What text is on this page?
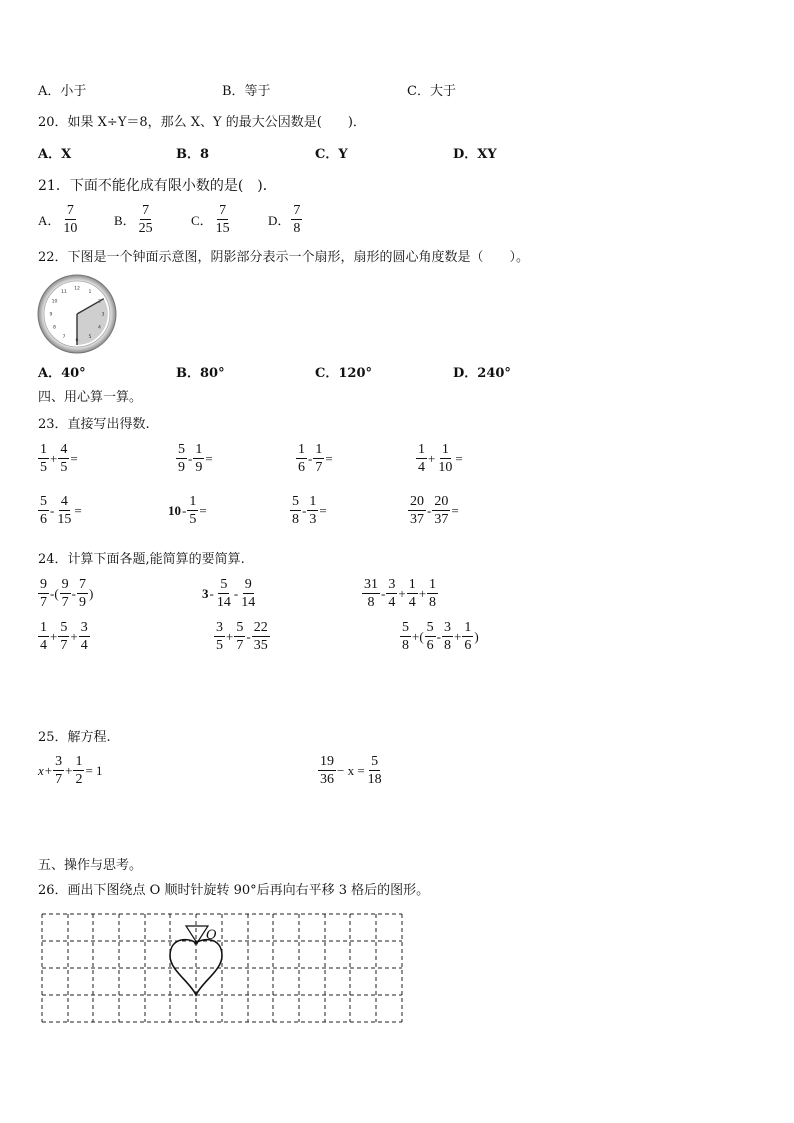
A．小于	B．等于	C．大于
20．如果 X÷Y＝8，那么 X、Y 的最大公因数是(　　)．
A．X	B．8	C．Y	D．XY
21．下面不能化成有限小数的是(　)．
A． $\frac{7}{10}$	B． $\frac{7}{25}$	C． $\frac{7}{15}$	D． $\frac{7}{8}$
22．下图是一个钟面示意图，阴影部分表示一个扇形，扇形的圆心角度数是（　　）。
12
1
2
3
4
5
6
7
8
9
10
11
A．40°	B．80°	C．120°	D．240°
四、用心算一算。
23．直接写出得数.
$\frac{1}{5} + \frac{4}{5}$ =	$\frac{5}{9} - \frac{1}{9}$ =	$\frac{1}{6} - \frac{1}{7}$ =	$\frac{1}{4} + \frac{1}{10}$ =
$\frac{5}{6} - \frac{4}{15}$ =	$10 - \frac{1}{5}$ =	$\frac{5}{8} - \frac{1}{3}$ =	$\frac{20}{37} - \frac{20}{37}$ =
24．计算下面各题,能简算的要简算.
$\frac{9}{7}$ -( $\frac{9}{7} - \frac{7}{9}$ )	$3 - \frac{5}{14} - \frac{9}{14}$	$\frac{31}{8} - \frac{3}{4} + \frac{1}{4} + \frac{1}{8}$
$\frac{1}{4} + \frac{5}{7} + \frac{3}{4}$	$\frac{3}{5} + \frac{5}{7} - \frac{22}{35}$	$\frac{5}{8}$ +( $\frac{5}{6} - \frac{3}{8} + \frac{1}{6}$ )
25．解方程.
$x + \frac{3}{7} + \frac{1}{2} = 1$	$\frac{19}{36} - x = \frac{5}{18}$
五、操作与思考。
26．画出下图绕点 O 顺时针旋转 90°后再向右平移 3 格后的图形。
O
